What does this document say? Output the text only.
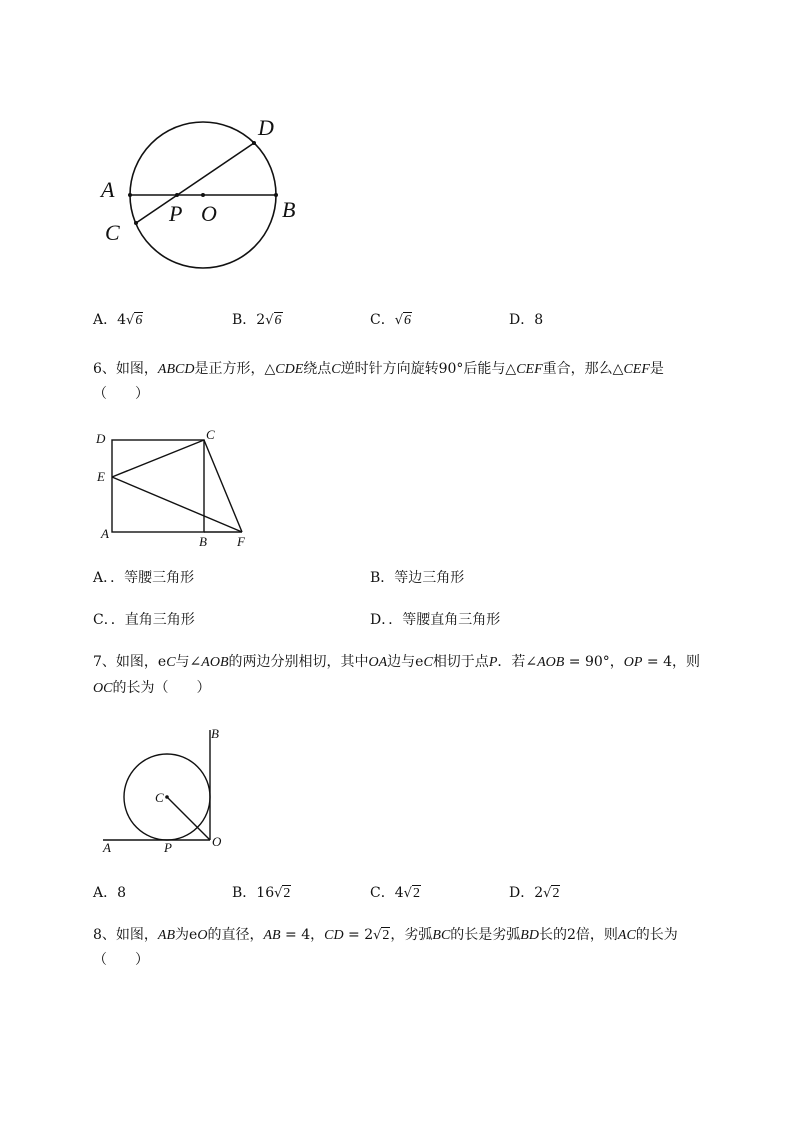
D
A
P O	B
C
A．4√6	B．2√6	C．√6	D．8
6、如图，ABCD是正方形，△CDE绕点C逆时针方向旋转90°后能与△CEF重合，那么△CEF是
（　　）
D	C
E
A
B F
A．．等腰三角形	B．等边三角形
C．．直角三角形	D．．等腰直角三角形
7、如图，eC与∠AOB的两边分别相切，其中OA边与eC相切于点P．若∠AOB = 90°，OP = 4，则
OC的长为（　　）
B
C
A	P	O
A．8	B．16√2	C．4√2	D．2√2
8、如图，AB为eO的直径，AB = 4，CD = 2√2，劣弧BC的长是劣弧BD长的2倍，则AC的长为
（　　）
